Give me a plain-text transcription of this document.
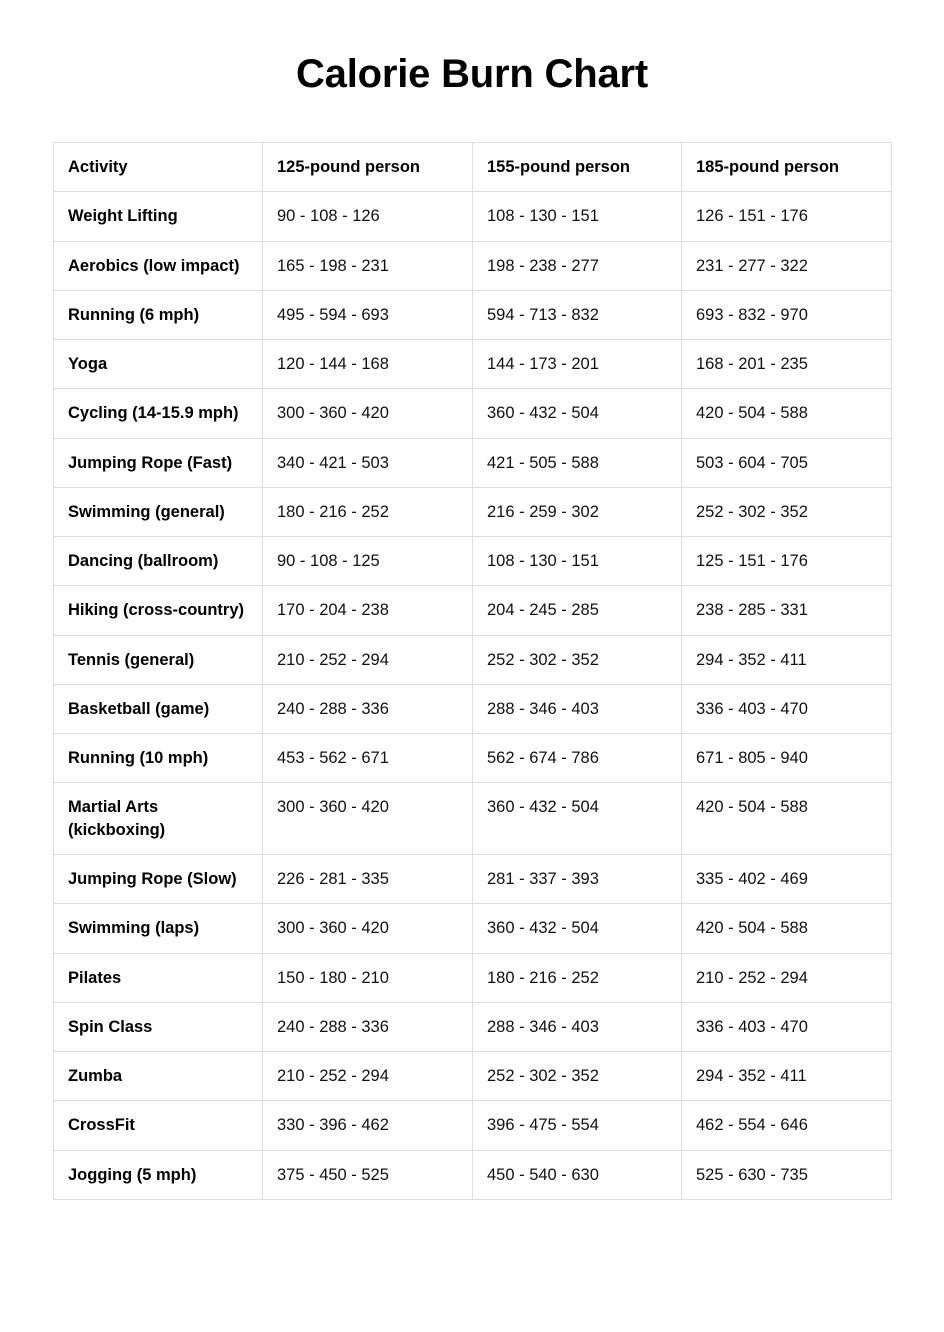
Calorie Burn Chart
Activity	125-pound person	155-pound person	185-pound person
Weight Lifting	90 - 108 - 126	108 - 130 - 151	126 - 151 - 176
Aerobics (low impact)	165 - 198 - 231	198 - 238 - 277	231 - 277 - 322
Running (6 mph)	495 - 594 - 693	594 - 713 - 832	693 - 832 - 970
Yoga	120 - 144 - 168	144 - 173 - 201	168 - 201 - 235
Cycling (14-15.9 mph)	300 - 360 - 420	360 - 432 - 504	420 - 504 - 588
Jumping Rope (Fast)	340 - 421 - 503	421 - 505 - 588	503 - 604 - 705
Swimming (general)	180 - 216 - 252	216 - 259 - 302	252 - 302 - 352
Dancing (ballroom)	90 - 108 - 125	108 - 130 - 151	125 - 151 - 176
Hiking (cross-country)	170 - 204 - 238	204 - 245 - 285	238 - 285 - 331
Tennis (general)	210 - 252 - 294	252 - 302 - 352	294 - 352 - 411
Basketball (game)	240 - 288 - 336	288 - 346 - 403	336 - 403 - 470
Running (10 mph)	453 - 562 - 671	562 - 674 - 786	671 - 805 - 940
Martial Arts (kickboxing)	300 - 360 - 420	360 - 432 - 504	420 - 504 - 588
Jumping Rope (Slow)	226 - 281 - 335	281 - 337 - 393	335 - 402 - 469
Swimming (laps)	300 - 360 - 420	360 - 432 - 504	420 - 504 - 588
Pilates	150 - 180 - 210	180 - 216 - 252	210 - 252 - 294
Spin Class	240 - 288 - 336	288 - 346 - 403	336 - 403 - 470
Zumba	210 - 252 - 294	252 - 302 - 352	294 - 352 - 411
CrossFit	330 - 396 - 462	396 - 475 - 554	462 - 554 - 646
Jogging (5 mph)	375 - 450 - 525	450 - 540 - 630	525 - 630 - 735
